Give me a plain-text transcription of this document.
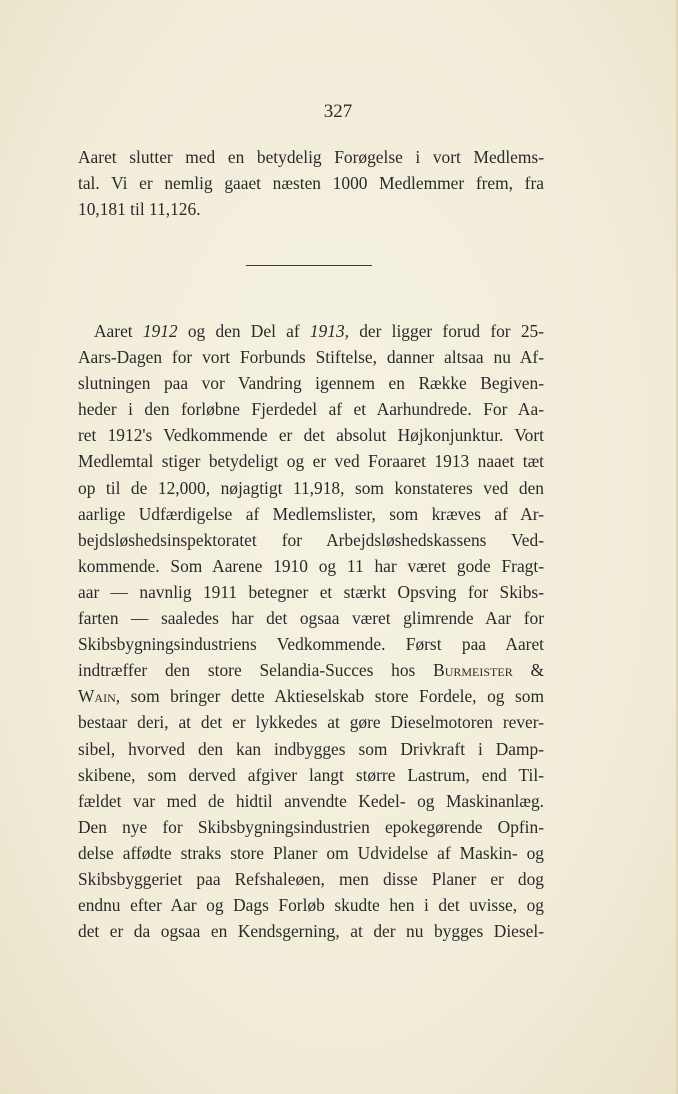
327
Aaret slutter med en betydelig Forøgelse i vort Medlems-
tal. Vi er nemlig gaaet næsten 1000 Medlemmer frem, fra
10,181 til 11,126.
Aaret 1912 og den Del af 1913, der ligger forud for 25-
Aars-Dagen for vort Forbunds Stiftelse, danner altsaa nu Af-
slutningen paa vor Vandring igennem en Række Begiven-
heder i den forløbne Fjerdedel af et Aarhundrede. For Aa-
ret 1912's Vedkommende er det absolut Højkonjunktur. Vort
Medlemtal stiger betydeligt og er ved Foraaret 1913 naaet tæt
op til de 12,000, nøjagtigt 11,918, som konstateres ved den
aarlige Udfærdigelse af Medlemslister, som kræves af Ar-
bejdsløshedsinspektoratet for Arbejdsløshedskassens Ved-
kommende. Som Aarene 1910 og 11 har været gode Fragt-
aar — navnlig 1911 betegner et stærkt Opsving for Skibs-
farten — saaledes har det ogsaa været glimrende Aar for
Skibsbygningsindustriens Vedkommende. Først paa Aaret
indtræffer den store Selandia-Succes hos Burmeister &
Wain, som bringer dette Aktieselskab store Fordele, og som
bestaar deri, at det er lykkedes at gøre Dieselmotoren rever-
sibel, hvorved den kan indbygges som Drivkraft i Damp-
skibene, som derved afgiver langt større Lastrum, end Til-
fældet var med de hidtil anvendte Kedel- og Maskinanlæg.
Den nye for Skibsbygningsindustrien epokegørende Opfin-
delse affødte straks store Planer om Udvidelse af Maskin- og
Skibsbyggeriet paa Refshaleøen, men disse Planer er dog
endnu efter Aar og Dags Forløb skudte hen i det uvisse, og
det er da ogsaa en Kendsgerning, at der nu bygges Diesel-
